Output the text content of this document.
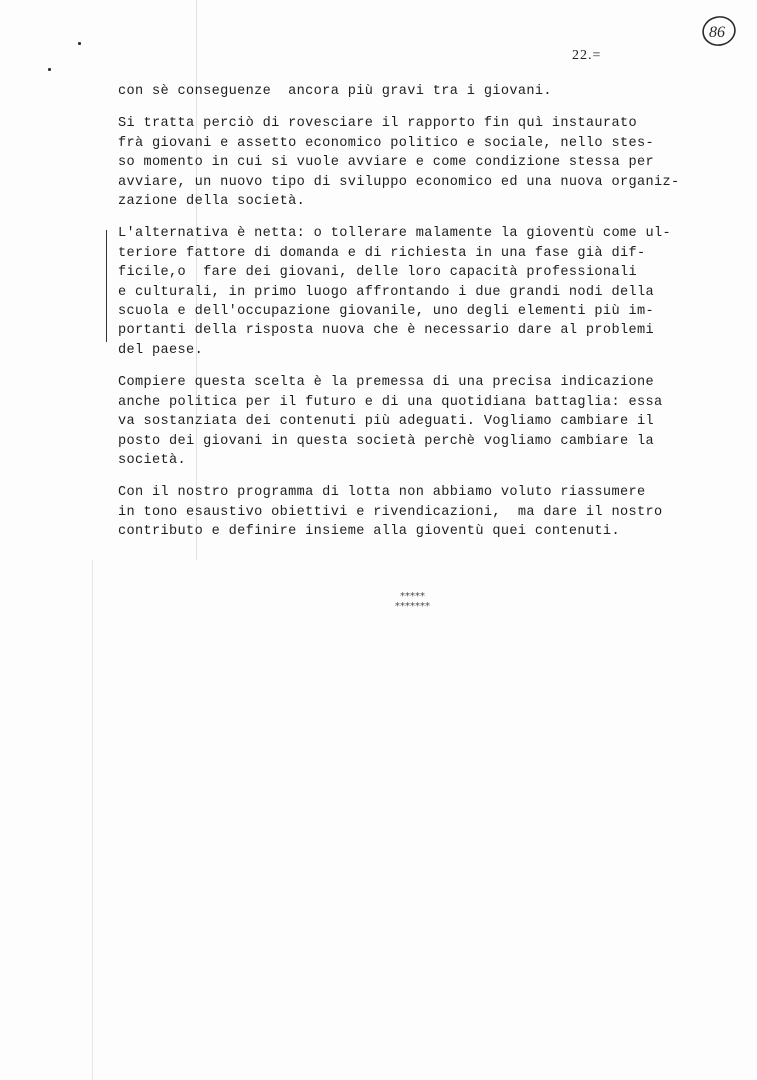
22.=
86
con sè conseguenze  ancora più gravi tra i giovani.
Si tratta perciò di rovesciare il rapporto fin quì instaurato
frà giovani e assetto economico politico e sociale, nello stes-
so momento in cui si vuole avviare e come condizione stessa per
avviare, un nuovo tipo di sviluppo economico ed una nuova organiz-
zazione della società.
L'alternativa è netta: o tollerare malamente la gioventù come ul-
teriore fattore di domanda e di richiesta in una fase già dif-
ficile,o  fare dei giovani, delle loro capacità professionali
e culturali, in primo luogo affrontando i due grandi nodi della
scuola e dell'occupazione giovanile, uno degli elementi più im-
portanti della risposta nuova che è necessario dare al problemi
del paese.
Compiere questa scelta è la premessa di una precisa indicazione
anche politica per il futuro e di una quotidiana battaglia: essa
va sostanziata dei contenuti più adeguati. Vogliamo cambiare il
posto dei giovani in questa società perchè vogliamo cambiare la
società.
Con il nostro programma di lotta non abbiamo voluto riassumere
in tono esaustivo obiettivi e rivendicazioni,  ma dare il nostro
contributo e definire insieme alla gioventù quei contenuti.
*****
*******
